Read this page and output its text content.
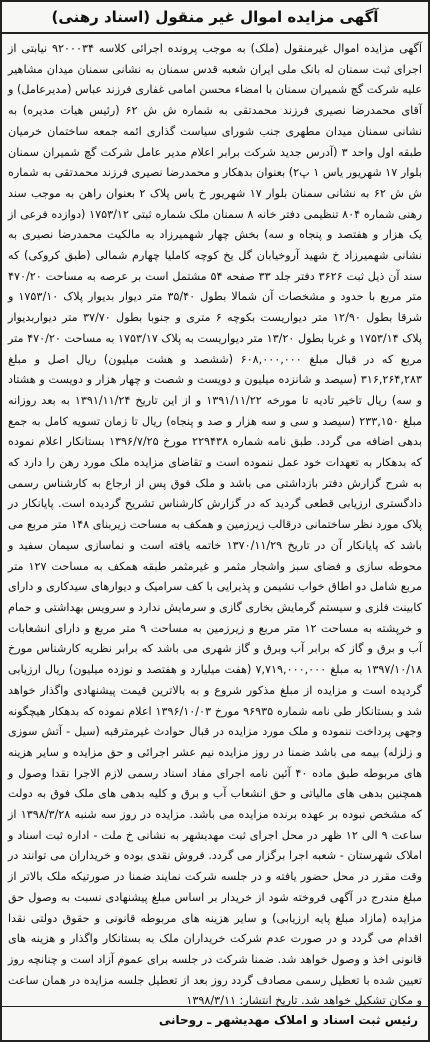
آگهی مزایده اموال غیر منقول (اسناد رهنی)
آگهی مزایده اموال غیرمنقول (ملک) به موجب پرونده اجرائی کلاسه ۹۲۰۰۰۳۴ نیابتی از اجرای ثبت سمنان له بانک ملی ایران شعبه قدس سمنان به نشانی سمنان میدان مشاهیر علیه شرکت گچ شمیران سمنان با امضاء محسن امامی غفاری فرزند عباس (مدیرعامل) و آقای محمدرضا نصیری فرزند محمدتقی به شماره ش ش ۶۲ (رئیس هیات مدیره) به نشانی سمنان میدان مطهری جنب شورای سیاست گذاری ائمه جمعه ساختمان خرمیان طبقه اول واحد ۳ (آدرس جدید شرکت برابر اعلام مدیر عامل شرکت گچ شمیران سمنان بلوار ۱۷ شهریور یاس ۱ پ۲) بعنوان بدهکار و محمدرضا نصیری فرزند محمدتقی به شماره ش ش ۶۲ به نشانی سمنان بلوار ۱۷ شهریور خ یاس پلاک ۲ بعنوان راهن به موجب سند رهنی شماره ۸۰۴ تنظیمی دفتر خانه ۸ سمنان ملک شماره ثبتی ۱۷۵۳/۱۲ (دوازده فرعی از یک هزار و هفتصد و پنجاه و سه) بخش چهار شهمیرزاد به مالکیت محمدرضا نصیری به نشانی شهمیرزاد خ شهید آروخیابان گل یخ کوچه کاملیا چهارم شمالی (طبق کروکی) که سند آن ذیل ثبت ۳۶۲۶ دفتر جلد ۳۳ صفحه ۵۴ مشتمل است بر عرصه به مساحت ۴۷۰/۲۰ متر مربع با حدود و مشخصات آن شمالا بطول ۳۵/۴۰ متر دیوار بدیوار پلاک ۱۷۵۳/۱۰ و شرقا بطول ۱۲/۹۰ متر دیواریست بکوچه ۶ متری و جنوبا بطول ۳۷/۷۰ متر دیواربدیوار پلاک ۱۷۵۳/۱۴ و غربا بطول ۱۳/۲۰ متر دیواریست به پلاک ۱۷۵۳/۱۷ به مساحت ۴۷۰/۲۰ متر مربع که در قبال مبلغ ۶۰۸,۰۰۰,۰۰۰ (ششصد و هشت میلیون) ریال اصل و مبلغ ۳۱۶,۲۶۴,۲۸۳ (سیصد و شانزده میلیون و دویست و شصت و چهار هزار و دویست و هشتاد و سه) ریال تاخیر تادیه تا مورخه ۱۳۹۱/۱۱/۲۲ و از این تاریخ ۱۳۹۱/۱۱/۲۴ به بعد روزانه مبلغ ۲۳۳,۱۵۰ (سیصد و سی و سه هزار و صد و پنجاه) ریال تا زمان تسویه کامل به جمع بدهی اضافه می گردد. طبق نامه شماره ۲۲۹۴۳۸ مورخ ۱۳۹۶/۷/۲۵ بستانکار اعلام نموده که بدهکار به تعهدات خود عمل ننموده است و تقاضای مزایده ملک مورد رهن را دارد که به شرح گزارش دفتر بازداشتی می باشد و ملک فوق پس از ارجاع به کارشناس رسمی دادگستری ارزیابی قطعی گردید که در گزارش کارشناس تشریح گردیده است. پایانکار در پلاک مورد نظر ساختمانی درقالب زیرزمین و همکف به مساحت زیربنای ۱۴۸ متر مربع می باشد که پایانکار آن در تاریخ ۱۳۷۰/۱۱/۲۹ خاتمه یافته است و نماسازی سیمان سفید و محوطه سازی و فضای سبز واشجار مثمر و غیرمثمر طبقه همکف به مساحت ۱۲۷ متر مربع شامل دو اطاق خواب نشیمن و پذیرایی با کف سرامیک و دیوارهای سیدکاری و دارای کابینت فلزی و سیستم گرمایش بخاری گازی و سرمایش ندارد و سرویس بهداشتی و حمام و خرپشته به مساحت ۱۲ متر مربع و زیرزمین به مساحت ۹ متر مربع و دارای انشعابات آب و برق و گاز که برابر آب وبرق و گاز شهری می باشد که برابر نظریه کارشناس مورخ ۱۳۹۷/۱۰/۱۸ به مبلغ ۷,۷۱۹,۰۰۰,۰۰۰ (هفت میلیارد و هفتصد و نوزده میلیون) ریال ارزیابی گردیده است و مزایده از مبلغ مذکور شروع و به بالاترین قیمت پیشنهادی واگذار خواهد شد و بستانکار طی نامه شماره ۹۶۹۳۵ مورخ ۱۳۹۶/۱۰/۰۳ اعلام نموده که بدهکار هیچگونه وجهی پرداخت ننموده و ملک مورد مزایده در قبال حوادث غیرمترقبه (سیل - آتش سوزی و زلزله) بیمه می باشد ضمنا در روز مزایده نیم عشر اجرائی و حق مزایده و سایر هزینه های مربوطه طبق ماده ۴۰ آئین نامه اجرای مفاد اسناد رسمی لازم الاجرا نقدا وصول و همچنین بدهی های مالیاتی و حق انشعاب آب و برق و کلیه بدهی های ملک فوق به دولت که مشخص نبوده بر عهده برنده مزایده می باشد. مزایده در روز سه شنبه ۱۳۹۸/۳/۲۸ از ساعت ۹ الی ۱۲ ظهر در محل اجرای ثبت مهدیشهر به نشانی خ ملت - اداره ثبت اسناد و املاک شهرستان - شعبه اجرا برگزار می گردد. فروش نقدی بوده و خریداران می توانند در وقت مقرر در محل حضور یافته و در جلسه شرکت نمایند ضمنا در صورتیکه ملک بالاتر از مبلغ مندرج در آگهی فروخته شود از خریدار بر اساس مبلغ پیشنهادی نسبت به وصول حق مزایده (مازاد مبلغ پایه ارزیابی) و سایر هزینه های مربوطه قانونی و حقوق دولتی نقدا اقدام می گردد و در صورت عدم شرکت خریداران ملک به بستانکار واگذار و هزینه های قانونی اخذ و وصول خواهد شد. ضمنا شرکت در جلسه برای عموم آزاد است و چنانچه روز تعیین شده با تعطیل رسمی مصادف گردد روز بعد از تعطیل جلسه مزایده در همان ساعت و مکان تشکیل خواهد شد. تاریخ انتشار: ۱۳۹۸/۳/۱۱
رئیس ثبت اسناد و املاک مهدیشهر ـ روحانی
